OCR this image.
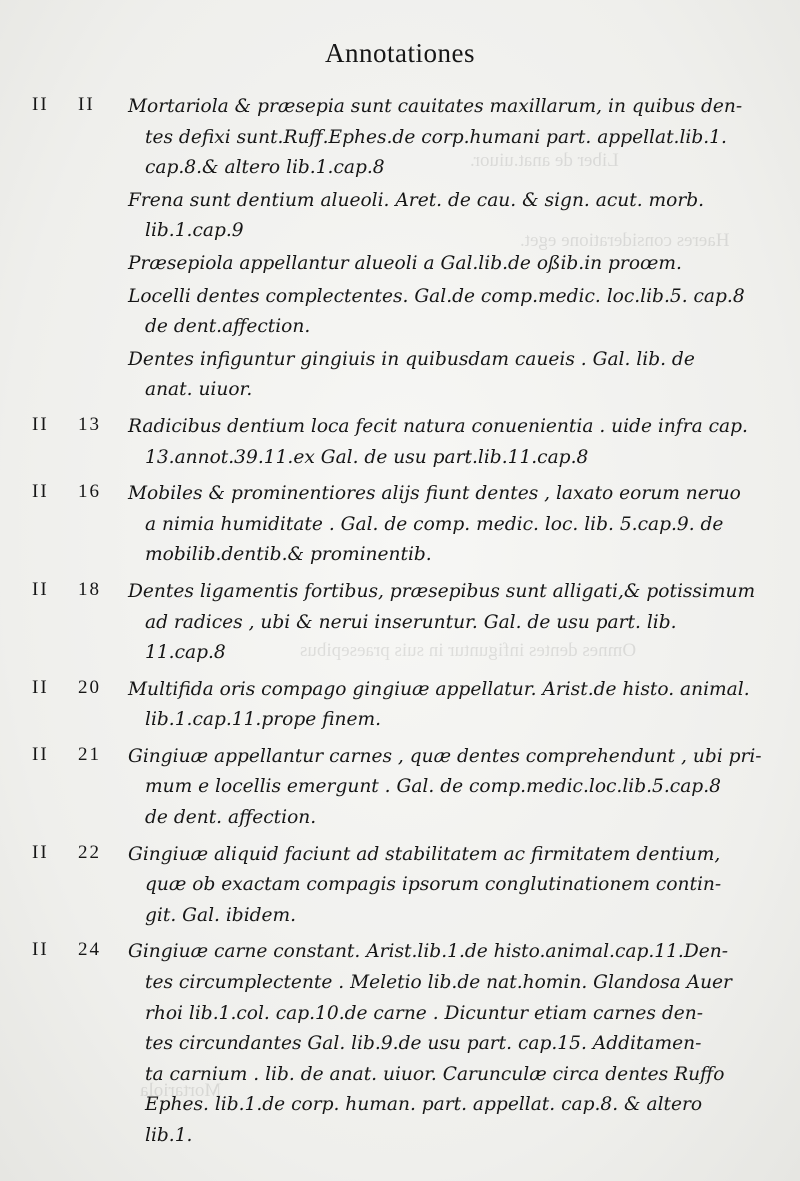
Liber de anat.uiuor.
Haeres consideratione eget.
Omnes dentes infiguntur in suis praesepibus
Mortariola
Annotationes
II	II	Mortariola & præsepia sunt cauitates maxillarum, in quibus den-
tes defixi sunt.Ruff.Ephes.de corp.humani part. appellat.lib.1.
cap.8.& altero lib.1.cap.8
Frena sunt dentium alueoli. Aret. de cau. & sign. acut. morb.
lib.1.cap.9
Præsepiola appellantur alueoli a Gal.lib.de oßib.in proœm.
Locelli dentes complectentes. Gal.de comp.medic. loc.lib.5. cap.8
de dent.affection.
Dentes infiguntur gingiuis in quibusdam caueis . Gal. lib. de
anat. uiuor.
II	13	Radicibus dentium loca fecit natura conuenientia . uide infra cap.
13.annot.39.11.ex Gal. de usu part.lib.11.cap.8
II	16	Mobiles & prominentiores alijs fiunt dentes , laxato eorum neruo
a nimia humiditate . Gal. de comp. medic. loc. lib. 5.cap.9. de
mobilib.dentib.& prominentib.
II	18	Dentes ligamentis fortibus, præsepibus sunt alligati,& potissimum
ad radices , ubi & nerui inseruntur. Gal. de usu part. lib.
11.cap.8
II	20	Multifida oris compago gingiuæ appellatur. Arist.de histo. animal.
lib.1.cap.11.prope finem.
II	21	Gingiuæ appellantur carnes , quæ dentes comprehendunt , ubi pri-
mum e locellis emergunt . Gal. de comp.medic.loc.lib.5.cap.8
de dent. affection.
II	22	Gingiuæ aliquid faciunt ad stabilitatem ac firmitatem dentium,
quæ ob exactam compagis ipsorum conglutinationem contin-
git. Gal. ibidem.
II	24	Gingiuæ carne constant. Arist.lib.1.de histo.animal.cap.11.Den-
tes circumplectente . Meletio lib.de nat.homin. Glandosa Auer
rhoi lib.1.col. cap.10.de carne . Dicuntur etiam carnes den-
tes circundantes Gal. lib.9.de usu part. cap.15. Additamen-
ta carnium . lib. de anat. uiuor. Carunculæ circa dentes Ruffo
Ephes. lib.1.de corp. human. part. appellat. cap.8. & altero
lib.1.
